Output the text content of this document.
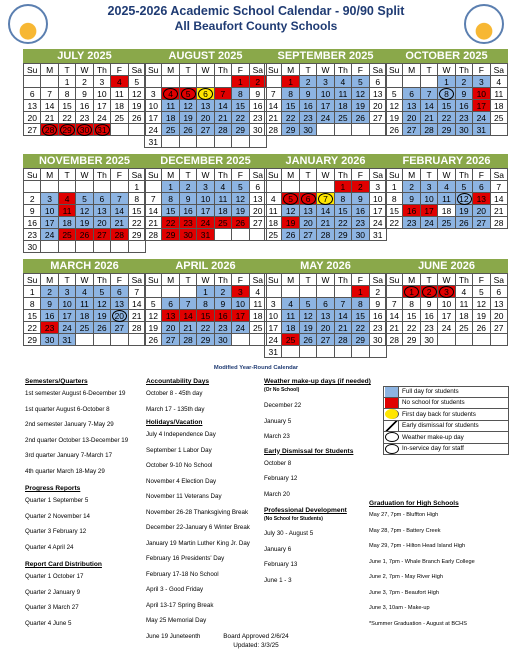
2025-2026 Academic School Calendar - 90/90 Split
All Beaufort County Schools
JULY 2025
Su	M	T	W	Th	F	Sa
		1	2	3	4	5
6	7	8	9	10	11	12
13	14	15	16	17	18	19
20	21	22	23	24	25	26
27	28	29	30	31		
AUGUST 2025
Su	M	T	W	Th	F	Sa
					1	2
3	4	5	6	7	8	9
10	11	12	13	14	15	16
17	18	19	20	21	22	23
24	25	26	27	28	29	30
31						
SEPTEMBER 2025
Su	M	T	W	Th	F	Sa
	1	2	3	4	5	6
7	8	9	10	11	12	13
14	15	16	17	18	19	20
21	22	23	24	25	26	27
28	29	30				
OCTOBER 2025
Su	M	T	W	Th	F	Sa
			1	2	3	4
5	6	7	8	9	10	11
12	13	14	15	16	17	18
19	20	21	22	23	24	25
26	27	28	29	30	31	
NOVEMBER 2025
Su	M	T	W	Th	F	Sa
						1
2	3	4	5	6	7	8
9	10	11	12	13	14	15
16	17	18	19	20	21	22
23	24	25	26	27	28	29
30						
DECEMBER 2025
Su	M	T	W	Th	F	Sa
	1	2	3	4	5	6
7	8	9	10	11	12	13
14	15	16	17	18	19	20
21	22	23	24	25	26	27
28	29	30	31			
JANUARY 2026
Su	M	T	W	Th	F	Sa
				1	2	3
4	5	6	7	8	9	10
11	12	13	14	15	16	17
18	19	20	21	22	23	24
25	26	27	28	29	30	31
FEBRUARY 2026
Su	M	T	W	Th	F	Sa
1	2	3	4	5	6	7
8	9	10	11	12	13	14
15	16	17	18	19	20	21
22	23	24	25	26	27	28
MARCH 2026
Su	M	T	W	Th	F	Sa
1	2	3	4	5	6	7
8	9	10	11	12	13	14
15	16	17	18	19	20	21
22	23	24	25	26	27	28
29	30	31				
APRIL 2026
Su	M	T	W	Th	F	Sa
			1	2	3	4
5	6	7	8	9	10	11
12	13	14	15	16	17	18
19	20	21	22	23	24	25
26	27	28	29	30		
MAY 2026
Su	M	T	W	Th	F	Sa
					1	2
3	4	5	6	7	8	9
10	11	12	13	14	15	16
17	18	19	20	21	22	23
24	25	26	27	28	29	30
31						
JUNE 2026
Su	M	T	W	Th	F	Sa
	1	2	3	4	5	6
7	8	9	10	11	12	13
14	15	16	17	18	19	20
21	22	23	24	25	26	27
28	29	30				
Modified Year-Round Calendar
Semesters/Quarters
1st semester August 6-December 19
1st quarter August 6-October 8
2nd semester January 7-May 29
2nd quarter October 13-December 19
3rd quarter January 7-March 17
4th quarter March 18-May 29
Progress Reports
Quarter 1 September 5
Quarter 2 November 14
Quarter 3 February 12
Quarter 4 April 24
Report Card Distribution
Quarter 1 October 17
Quarter 2 January 9
Quarter 3 March 27
Quarter 4 June 5
Accountability Days
October 8 - 45th day
March 17 - 135th day
Holidays/Vacation
July 4 Independence Day
September 1 Labor Day
October 9-10 No School
November 4 Election Day
November 11 Veterans Day
November 26-28 Thanksgiving Break
December 22-January 6 Winter Break
January 19 Martin Luther King Jr. Day
February 16 Presidents' Day
February 17-18 No School
April 3 - Good Friday
April 13-17 Spring Break
May 25 Memorial Day
June 19 Juneteenth
Weather make-up days (if needed)
(Or No School)
December 22
January 5
March 23
Early Dismissal for Students
October 8
February 12
March 20
Professional Development
(No School for Students)
July 30 - August 5
January 6
February 13
June 1 - 3
Full day for students
No school for students
First day back for students
Early dismissal for students
Weather make-up day
In-service day for staff
Graduation for High Schools
May 27, 7pm - Bluffton High
May 28, 7pm - Battery Creek
May 29, 7pm - Hilton Head Island High
June 1, 7pm - Whale Branch Early College
June 2, 7pm - May River High
June 3, 7pm - Beaufort High
June 3, 10am - Make-up
*Summer Graduation - August at BCHS
Board Approved 2/6/24
Updated: 3/3/25
